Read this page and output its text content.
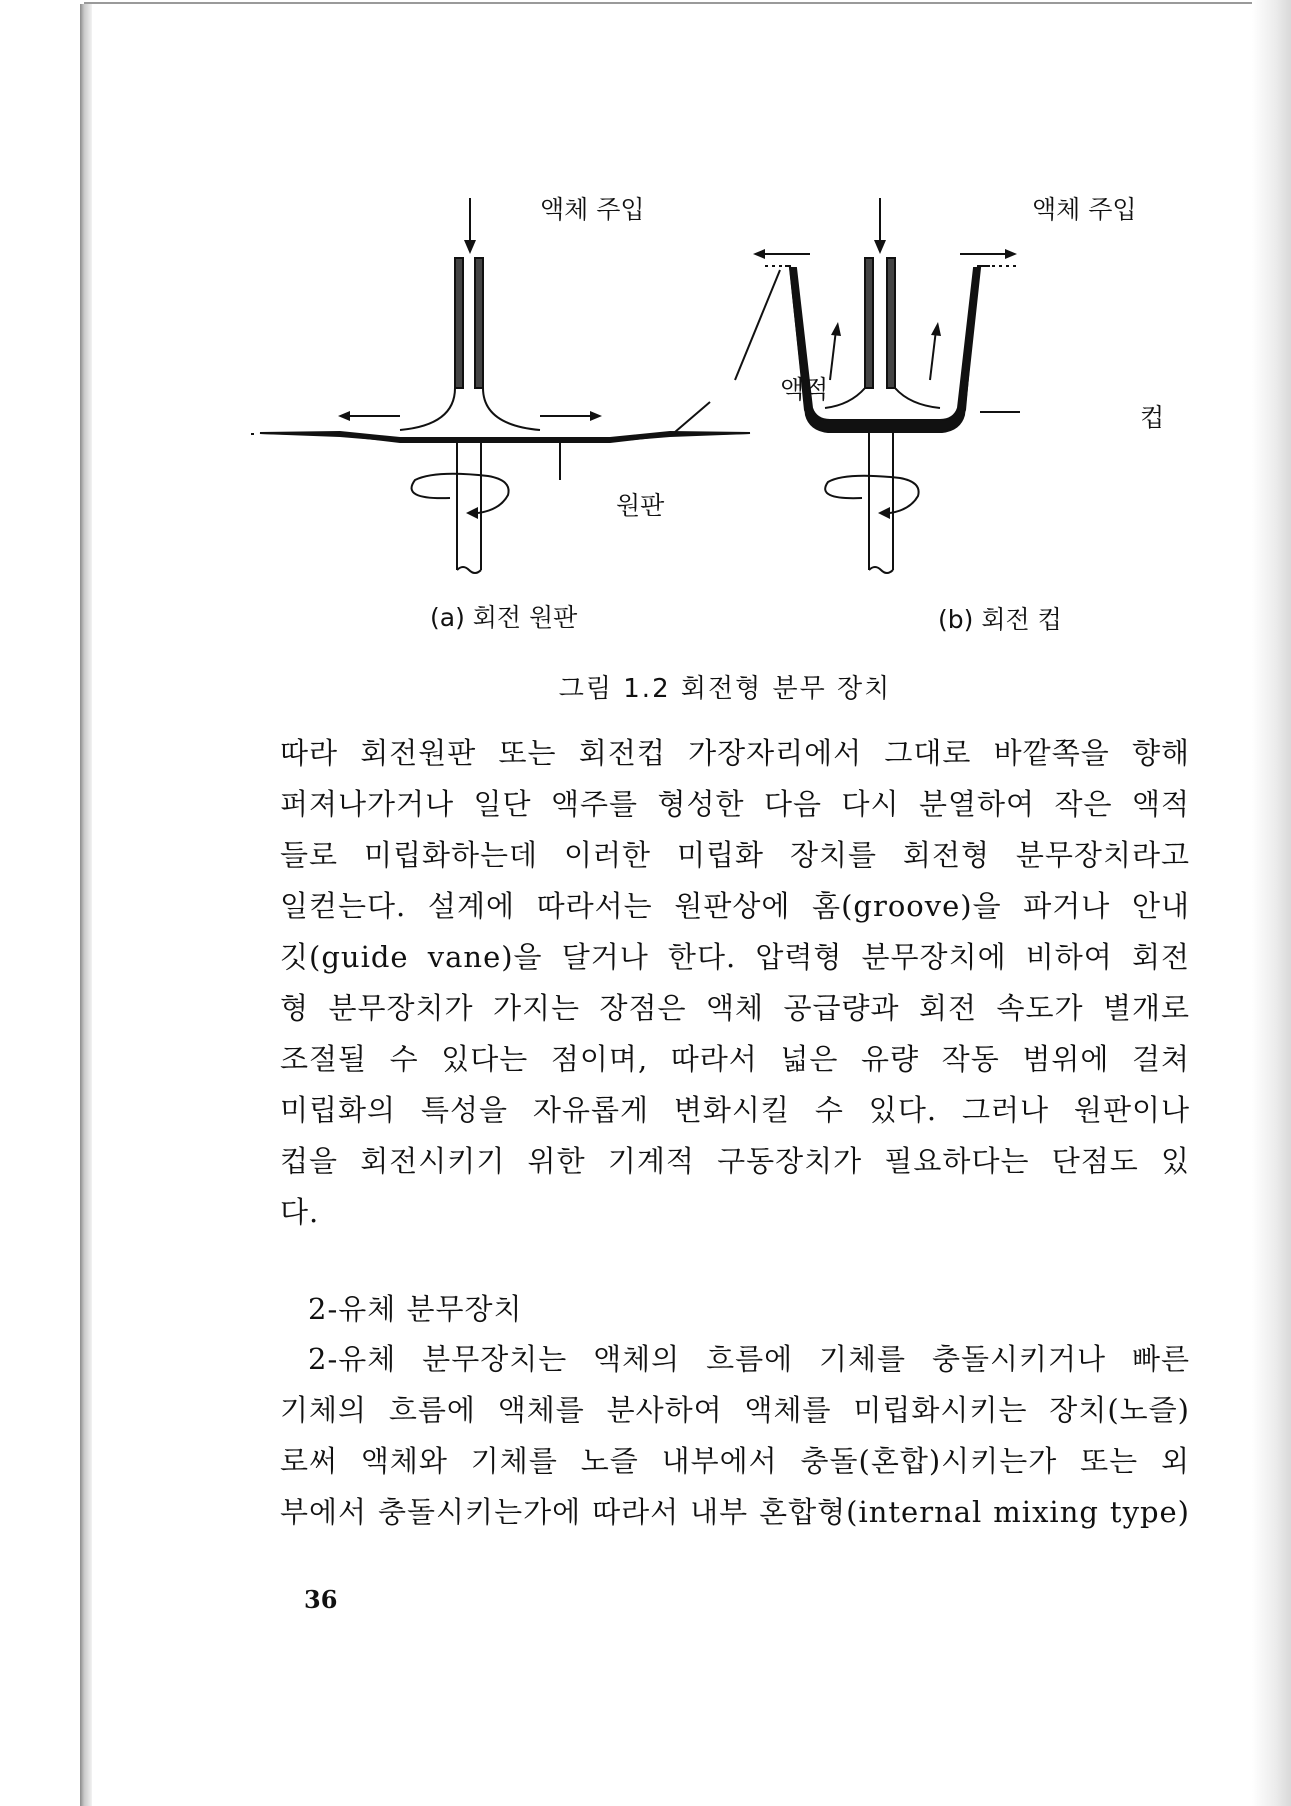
액체 주입	액체 주입
액적
컵
원판
(a) 회전 원판	(b) 회전 컵
그림 1.2 회전형 분무 장치
따라 회전원판 또는 회전컵 가장자리에서 그대로 바깥쪽을 향해
퍼져나가거나 일단 액주를 형성한 다음 다시 분열하여 작은 액적
들로 미립화하는데 이러한 미립화 장치를 회전형 분무장치라고
일컫는다. 설계에 따라서는 원판상에 홈(groove)을 파거나 안내
깃(guide vane)을 달거나 한다. 압력형 분무장치에 비하여 회전
형 분무장치가 가지는 장점은 액체 공급량과 회전 속도가 별개로
조절될 수 있다는 점이며, 따라서 넓은 유량 작동 범위에 걸쳐
미립화의 특성을 자유롭게 변화시킬 수 있다. 그러나 원판이나
컵을 회전시키기 위한 기계적 구동장치가 필요하다는 단점도 있
다.
2-유체 분무장치
2-유체 분무장치는 액체의 흐름에 기체를 충돌시키거나 빠른
기체의 흐름에 액체를 분사하여 액체를 미립화시키는 장치(노즐)
로써 액체와 기체를 노즐 내부에서 충돌(혼합)시키는가 또는 외
부에서 충돌시키는가에 따라서 내부 혼합형(internal mixing type)
36
